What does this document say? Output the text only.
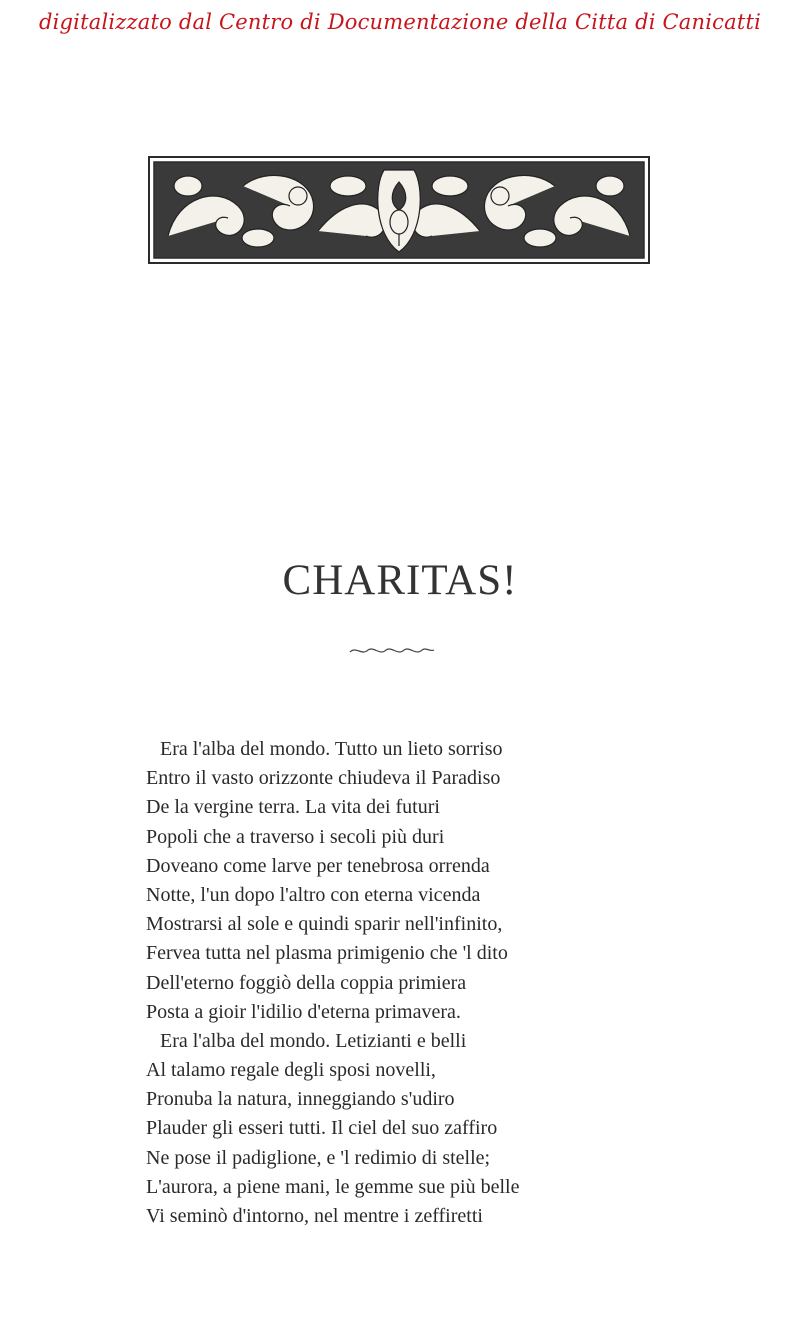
digitalizzato dal Centro di Documentazione della Citta di Canicatti
CHARITAS!
Era l'alba del mondo. Tutto un lieto sorriso
Entro il vasto orizzonte chiudeva il Paradiso
De la vergine terra. La vita dei futuri
Popoli che a traverso i secoli più duri
Doveano come larve per tenebrosa orrenda
Notte, l'un dopo l'altro con eterna vicenda
Mostrarsi al sole e quindi sparir nell'infinito,
Fervea tutta nel plasma primigenio che 'l dito
Dell'eterno foggiò della coppia primiera
Posta a gioir l'idilio d'eterna primavera.
Era l'alba del mondo. Letizianti e belli
Al talamo regale degli sposi novelli,
Pronuba la natura, inneggiando s'udiro
Plauder gli esseri tutti. Il ciel del suo zaffiro
Ne pose il padiglione, e 'l redimio di stelle;
L'aurora, a piene mani, le gemme sue più belle
Vi seminò d'intorno, nel mentre i zeffiretti
